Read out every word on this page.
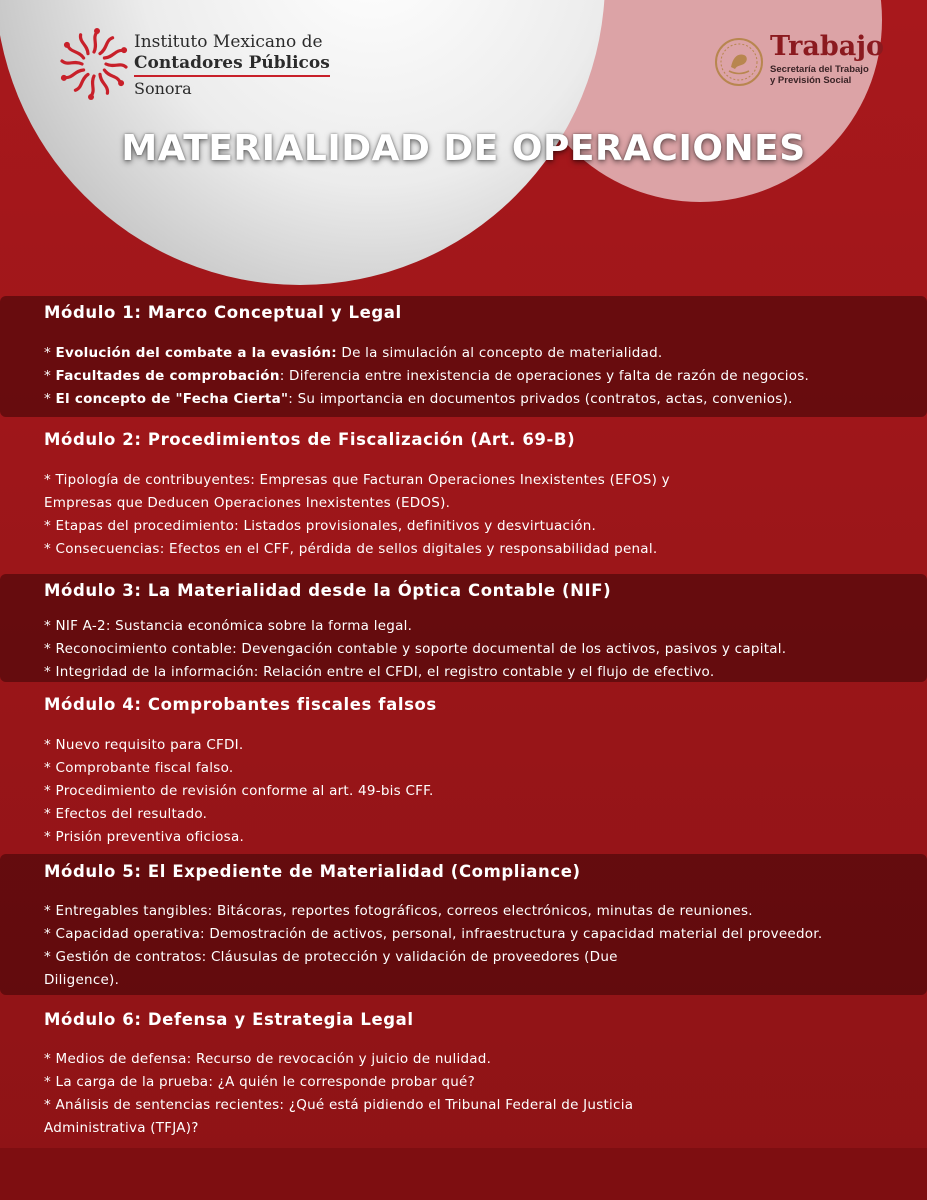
Instituto Mexicano de
Contadores Públicos
Sonora
Trabajo
Secretaría del Trabajo
y Previsión Social
MATERIALIDAD DE OPERACIONES
Módulo 1: Marco Conceptual y Legal
* Evolución del combate a la evasión: De la simulación al concepto de materialidad.
* Facultades de comprobación: Diferencia entre inexistencia de operaciones y falta de razón de negocios.
* El concepto de "Fecha Cierta": Su importancia en documentos privados (contratos, actas, convenios).
Módulo 2: Procedimientos de Fiscalización (Art. 69-B)
* Tipología de contribuyentes: Empresas que Facturan Operaciones Inexistentes (EFOS) y
Empresas que Deducen Operaciones Inexistentes (EDOS).
* Etapas del procedimiento: Listados provisionales, definitivos y desvirtuación.
* Consecuencias: Efectos en el CFF, pérdida de sellos digitales y responsabilidad penal.
Módulo 3: La Materialidad desde la Óptica Contable (NIF)
* NIF A-2: Sustancia económica sobre la forma legal.
* Reconocimiento contable: Devengación contable y soporte documental de los activos, pasivos y capital.
* Integridad de la información: Relación entre el CFDI, el registro contable y el flujo de efectivo.
Módulo 4: Comprobantes fiscales falsos
* Nuevo requisito para CFDI.
* Comprobante fiscal falso.
* Procedimiento de revisión conforme al art. 49-bis CFF.
* Efectos del resultado.
* Prisión preventiva oficiosa.
Módulo 5: El Expediente de Materialidad (Compliance)
* Entregables tangibles: Bitácoras, reportes fotográficos, correos electrónicos, minutas de reuniones.
* Capacidad operativa: Demostración de activos, personal, infraestructura y capacidad material del proveedor.
* Gestión de contratos: Cláusulas de protección y validación de proveedores (Due
Diligence).
Módulo 6: Defensa y Estrategia Legal
* Medios de defensa: Recurso de revocación y juicio de nulidad.
* La carga de la prueba: ¿A quién le corresponde probar qué?
* Análisis de sentencias recientes: ¿Qué está pidiendo el Tribunal Federal de Justicia
Administrativa (TFJA)?
